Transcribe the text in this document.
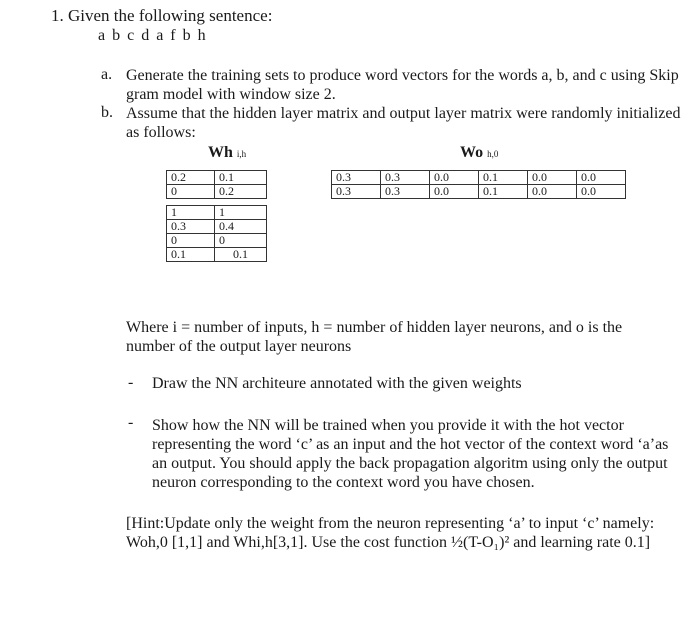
1. Given the following sentence:
a b c d a f b h
a. Generate the training sets to produce word vectors for the words a, b, and c using Skip gram model with window size 2.
b. Assume that the hidden layer matrix and output layer matrix were randomly initialized as follows:
Wh i,h	Wo h,0
0.2	0.1
0	0.2
1	1
0.3	0.4
0	0
0.1	0.1
0.3	0.3	0.0	0.1	0.0	0.0
0.3	0.3	0.0	0.1	0.0	0.0
Where i = number of inputs, h = number of hidden layer neurons, and o is the number of the output layer neurons
- Draw the NN architeure annotated with the given weights
- Show how the NN will be trained when you provide it with the hot vector representing the word ‘c’ as an input and the hot vector of the context word ‘a’as an output. You should apply the back propagation algoritm using only the output neuron corresponding to the context word you have chosen.
[Hint:Update only the weight from the neuron representing ‘a’ to input ‘c’ namely: Woh,0 [1,1] and Whi,h[3,1]. Use the cost function ½(T-O₁)² and learning rate 0.1]
